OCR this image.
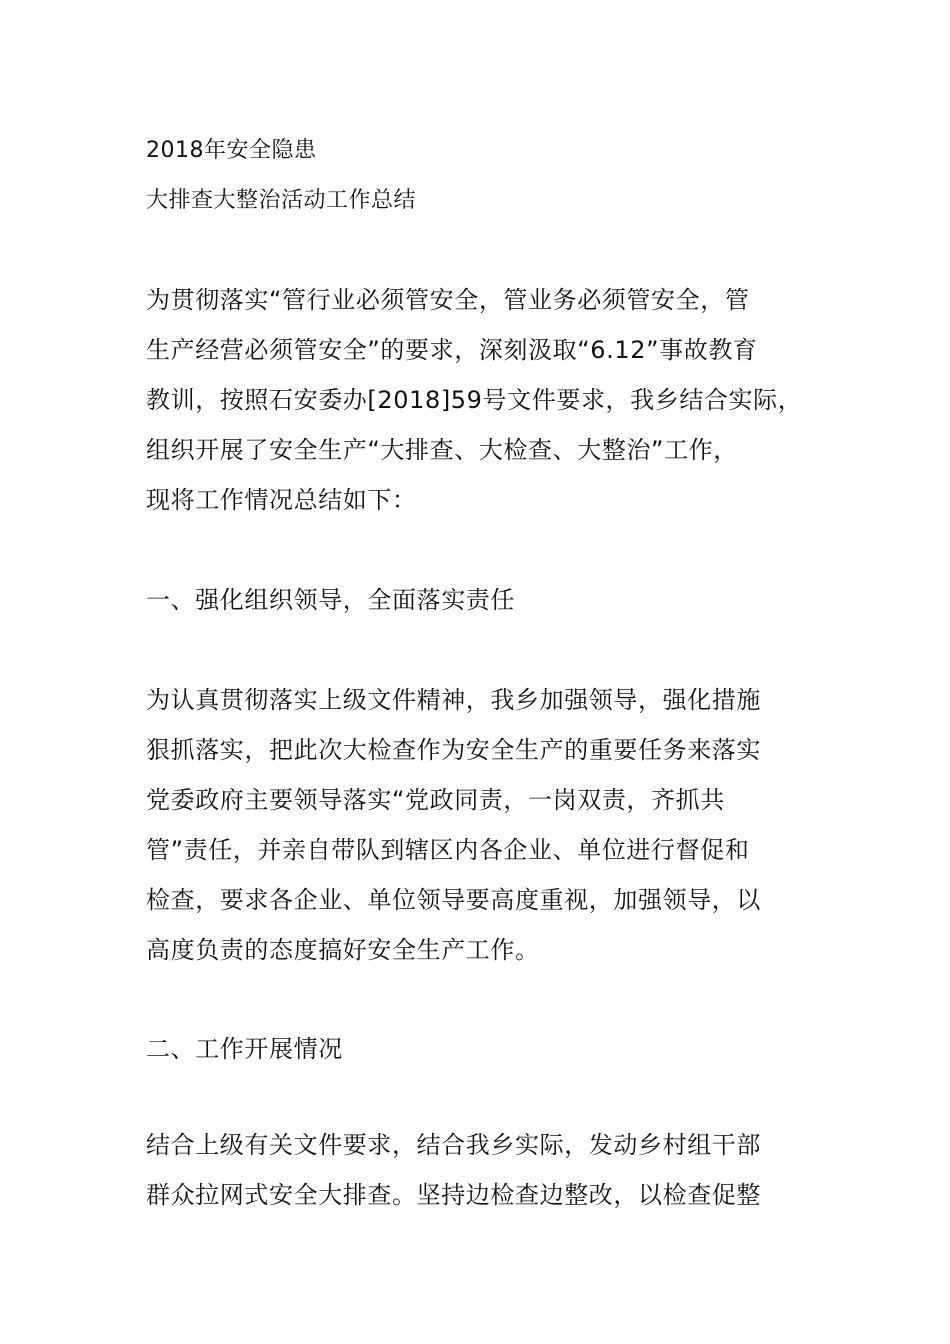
2018年安全隐患
大排查大整治活动工作总结
为贯彻落实“管行业必须管安全，管业务必须管安全，管
生产经营必须管安全”的要求，深刻汲取“6.12”事故教育
教训，按照石安委办[2018]59号文件要求，我乡结合实际，
组织开展了安全生产“大排查、大检查、大整治”工作，
现将工作情况总结如下：
一、强化组织领导，全面落实责任
为认真贯彻落实上级文件精神，我乡加强领导，强化措施
狠抓落实，把此次大检查作为安全生产的重要任务来落实
党委政府主要领导落实“党政同责，一岗双责，齐抓共
管”责任，并亲自带队到辖区内各企业、单位进行督促和
检查，要求各企业、单位领导要高度重视，加强领导，以
高度负责的态度搞好安全生产工作。
二、工作开展情况
结合上级有关文件要求，结合我乡实际，发动乡村组干部
群众拉网式安全大排查。坚持边检查边整改，以检查促整
